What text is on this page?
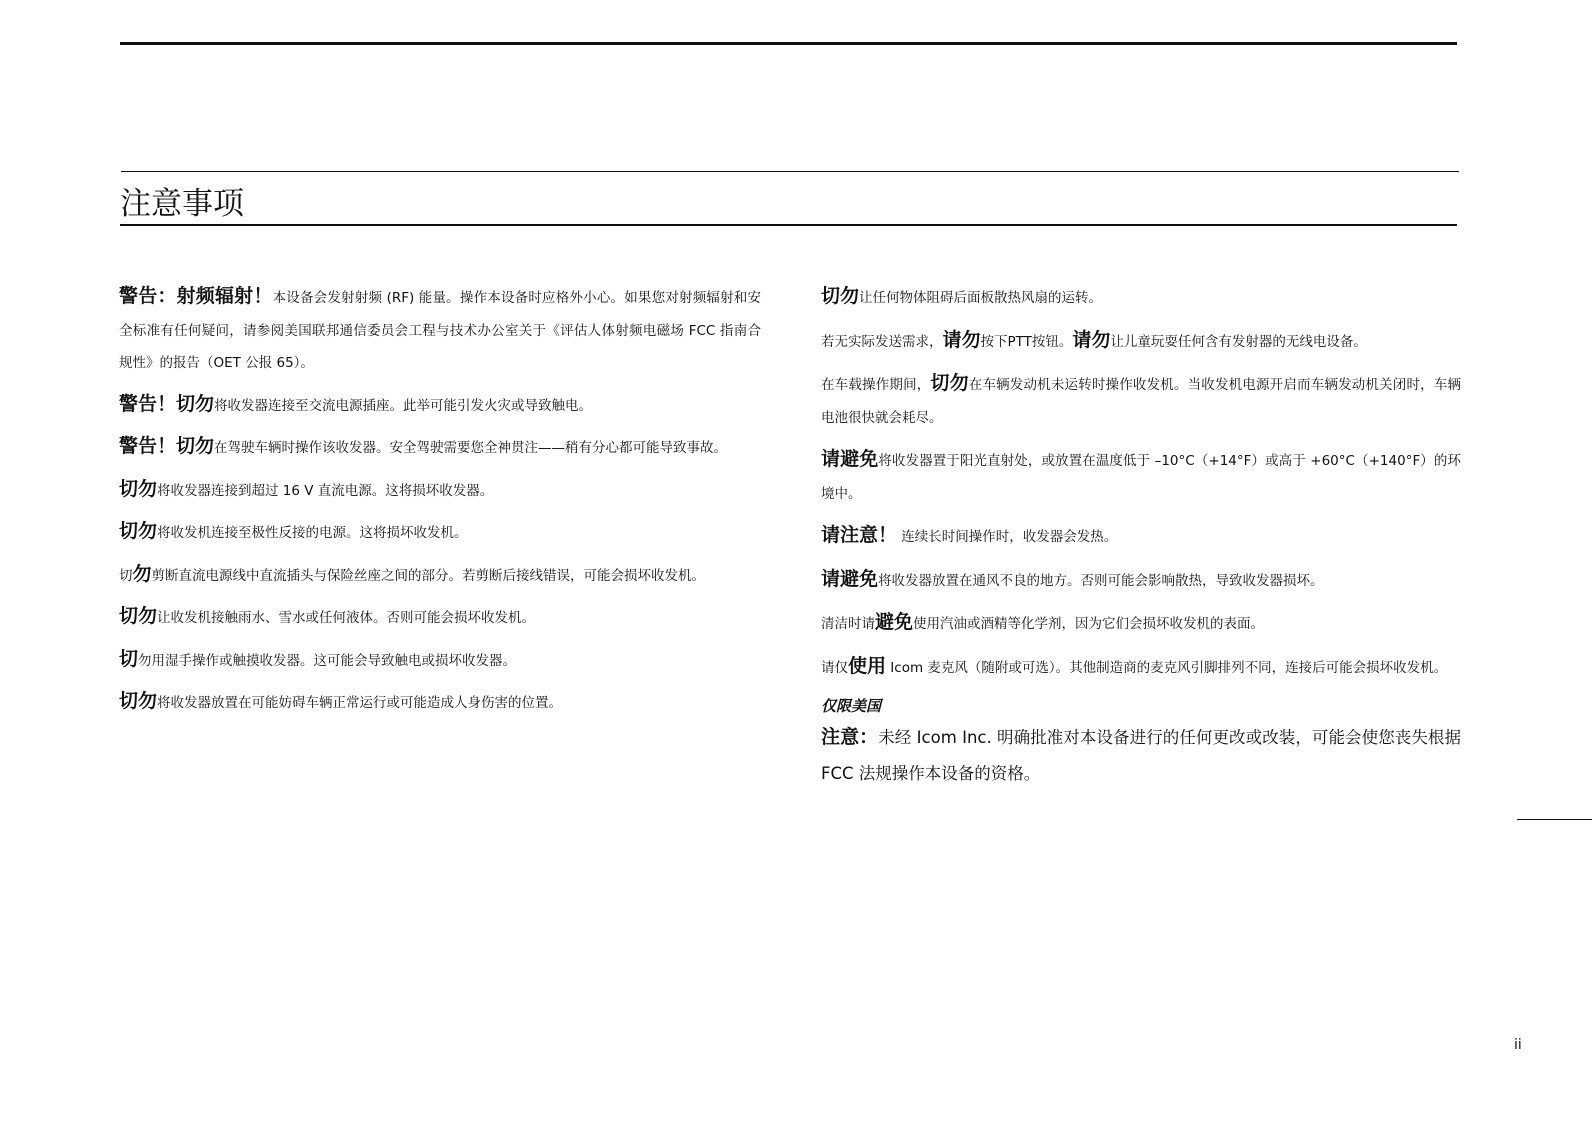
注意事项

警告：射频辐射！本设备会发射射频 (RF) 能量。操作本设备时应格外小心。如果您对射频辐射和安全标准有任何疑问，请参阅美国联邦通信委员会工程与技术办公室关于《评估人体射频电磁场 FCC 指南合规性》的报告（OET 公报 65）。

警告！切勿将收发器连接至交流电源插座。此举可能引发火灾或导致触电。

警告！切勿在驾驶车辆时操作该收发器。安全驾驶需要您全神贯注——稍有分心都可能导致事故。

切勿将收发器连接到超过 16 V 直流电源。这将损坏收发器。

切勿将收发机连接至极性反接的电源。这将损坏收发机。

切勿剪断直流电源线中直流插头与保险丝座之间的部分。若剪断后接线错误，可能会损坏收发机。

切勿让收发机接触雨水、雪水或任何液体。否则可能会损坏收发机。

切勿用湿手操作或触摸收发器。这可能会导致触电或损坏收发器。

切勿将收发器放置在可能妨碍车辆正常运行或可能造成人身伤害的位置。

切勿让任何物体阻碍后面板散热风扇的运转。

若无实际发送需求，请勿按下PTT按钮。请勿让儿童玩耍任何含有发射器的无线电设备。

在车载操作期间，切勿在车辆发动机未运转时操作收发机。当收发机电源开启而车辆发动机关闭时，车辆电池很快就会耗尽。

请避免将收发器置于阳光直射处，或放置在温度低于 –10°C（+14°F）或高于 +60°C（+140°F）的环境中。

请注意！ 连续长时间操作时，收发器会发热。

请避免将收发器放置在通风不良的地方。否则可能会影响散热，导致收发器损坏。

清洁时请避免使用汽油或酒精等化学剂，因为它们会损坏收发机的表面。

请仅使用 Icom 麦克风（随附或可选）。其他制造商的麦克风引脚排列不同，连接后可能会损坏收发机。

仅限美国

注意：未经 Icom Inc. 明确批准对本设备进行的任何更改或改装，可能会使您丧失根据 FCC 法规操作本设备的资格。

ii
